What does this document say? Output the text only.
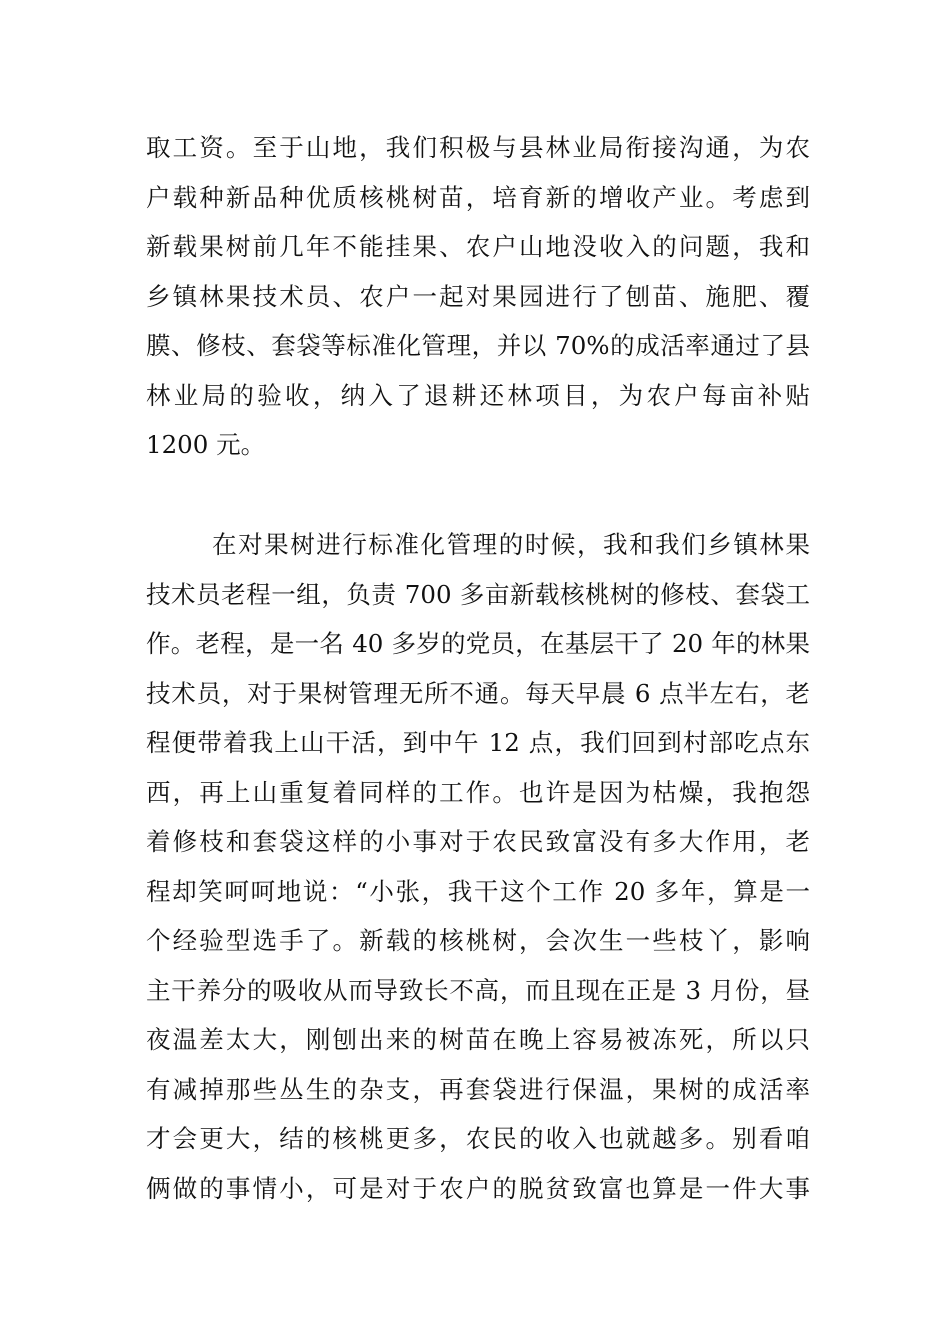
取工资。至于山地，我们积极与县林业局衔接沟通，为农
户载种新品种优质核桃树苗，培育新的增收产业。考虑到
新载果树前几年不能挂果、农户山地没收入的问题，我和
乡镇林果技术员、农户一起对果园进行了刨苗、施肥、覆
膜、修枝、套袋等标准化管理，并以 70%的成活率通过了县
林业局的验收，纳入了退耕还林项目，为农户每亩补贴
1200 元。
在对果树进行标准化管理的时候，我和我们乡镇林果
技术员老程一组，负责 700 多亩新载核桃树的修枝、套袋工
作。老程，是一名 40 多岁的党员，在基层干了 20 年的林果
技术员，对于果树管理无所不通。每天早晨 6 点半左右，老
程便带着我上山干活，到中午 12 点，我们回到村部吃点东
西，再上山重复着同样的工作。也许是因为枯燥，我抱怨
着修枝和套袋这样的小事对于农民致富没有多大作用，老
程却笑呵呵地说：“小张，我干这个工作 20 多年，算是一
个经验型选手了。新载的核桃树，会次生一些枝丫，影响
主干养分的吸收从而导致长不高，而且现在正是 3 月份，昼
夜温差太大，刚刨出来的树苗在晚上容易被冻死，所以只
有减掉那些丛生的杂支，再套袋进行保温，果树的成活率
才会更大，结的核桃更多，农民的收入也就越多。别看咱
俩做的事情小，可是对于农户的脱贫致富也算是一件大事
